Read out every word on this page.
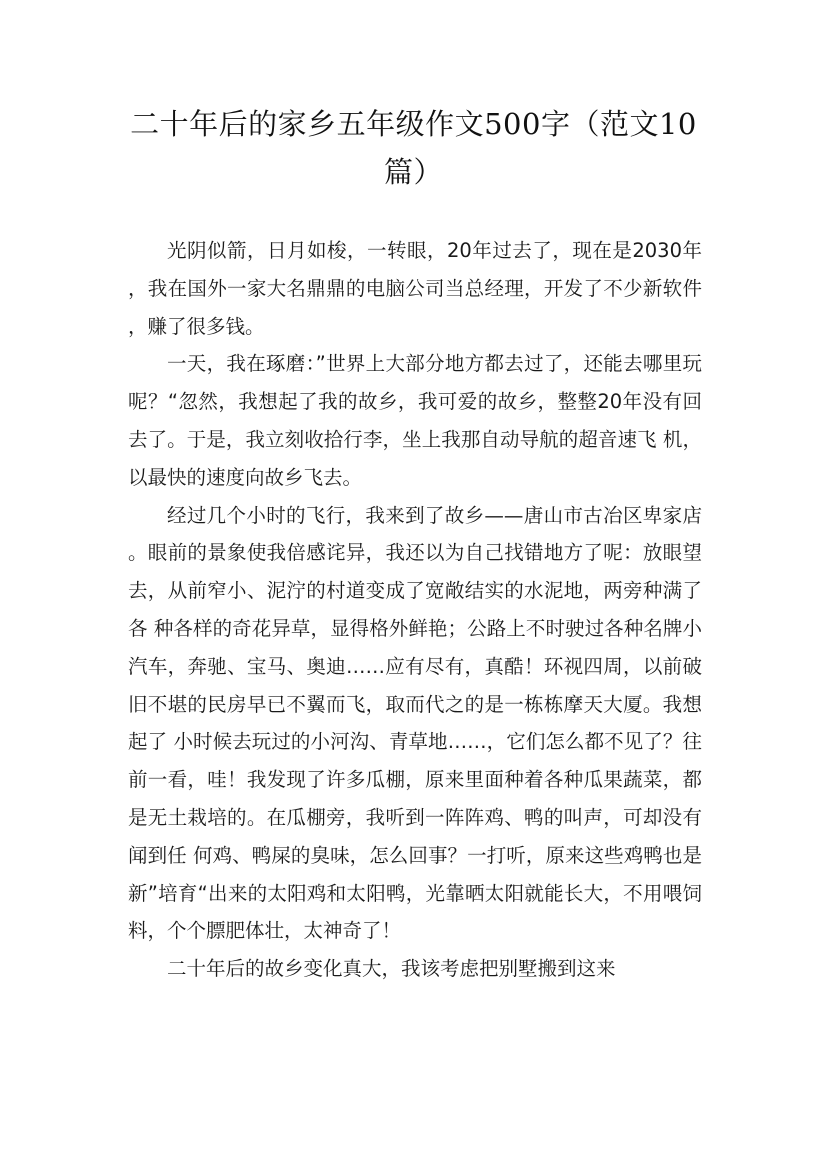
二十年后的家乡五年级作文500字（范文10篇）

光阴似箭，日月如梭，一转眼，20年过去了，现在是2030年，我在国外一家大名鼎鼎的电脑公司当总经理，开发了不少新软件，赚了很多钱。

一天，我在琢磨：”世界上大部分地方都去过了，还能去哪里玩呢？“忽然，我想起了我的故乡，我可爱的故乡，整整20年没有回去了。于是，我立刻收拾行李，坐上我那自动导航的超音速飞 机，以最快的速度向故乡飞去。

经过几个小时的飞行，我来到了故乡——唐山市古冶区卑家店。眼前的景象使我倍感诧异，我还以为自己找错地方了呢：放眼望去，从前窄小、泥泞的村道变成了宽敞结实的水泥地，两旁种满了各 种各样的奇花异草，显得格外鲜艳；公路上不时驶过各种名牌小汽车，奔驰、宝马、奥迪……应有尽有，真酷！环视四周，以前破旧不堪的民房早已不翼而飞，取而代之的是一栋栋摩天大厦。我想起了 小时候去玩过的小河沟、青草地……，它们怎么都不见了？往前一看，哇！我发现了许多瓜棚，原来里面种着各种瓜果蔬菜，都是无土栽培的。在瓜棚旁，我听到一阵阵鸡、鸭的叫声，可却没有闻到任 何鸡、鸭屎的臭味，怎么回事？一打听，原来这些鸡鸭也是新”培育“出来的太阳鸡和太阳鸭，光靠晒太阳就能长大，不用喂饲料，个个膘肥体壮，太神奇了！

二十年后的故乡变化真大，我该考虑把别墅搬到这来
